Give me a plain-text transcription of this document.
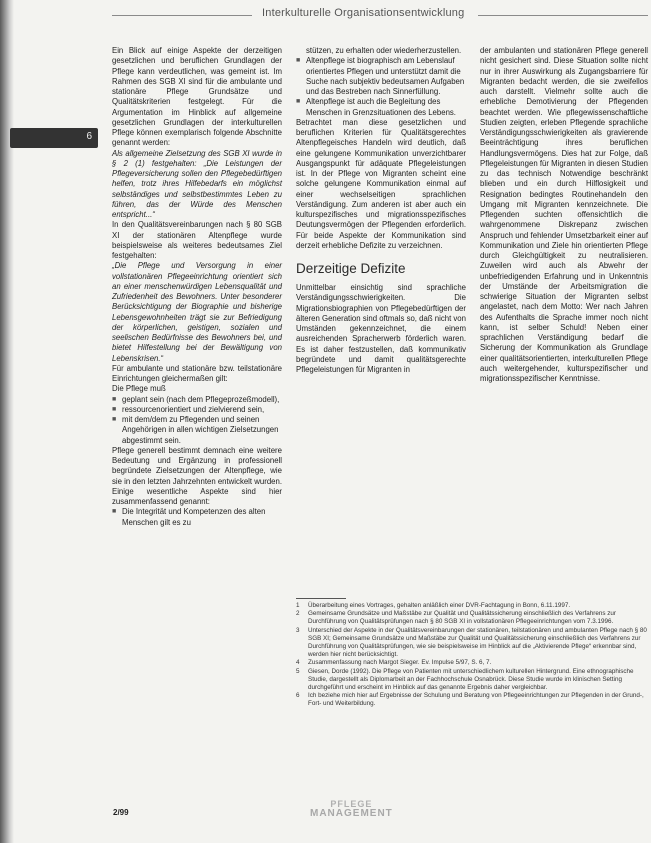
Interkulturelle Organisationsentwicklung
6

Ein Blick auf einige Aspekte der derzeitigen gesetzlichen und beruflichen Grundlagen der Pflege kann verdeutlichen, was gemeint ist. Im Rahmen des SGB XI sind für die ambulante und stationäre Pflege Grundsätze und Qualitätskriterien festgelegt. Für die Argumentation im Hinblick auf allgemeine gesetzlichen Grundlagen der interkulturellen Pflege können exemplarisch folgende Abschnitte genannt werden:

Als allgemeine Zielsetzung des SGB XI wurde in § 2 (1) festgehalten: „Die Leistungen der Pflegeversicherung sollen den Pflegebedürftigen helfen, trotz ihres Hilfebedarfs ein möglichst selbständiges und selbstbestimmtes Leben zu führen, das der Würde des Menschen entspricht...“

In den Qualitätsvereinbarungen nach § 80 SGB XI der stationären Altenpflege wurde beispielsweise als weiteres bedeutsames Ziel festgehalten:

„Die Pflege und Versorgung in einer vollstationären Pflegeeinrichtung orientiert sich an einer menschenwürdigen Lebensqualität und Zufriedenheit des Bewohners. Unter besonderer Berücksichtigung der Biographie und bisherige Lebensgewohnheiten trägt sie zur Befriedigung der körperlichen, geistigen, sozialen und seelischen Bedürfnisse des Bewohners bei, und bietet Hilfestellung bei der Bewältigung von Lebenskrisen.“

Für ambulante und stationäre bzw. teilstationäre Einrichtungen gleichermaßen gilt:

Die Pflege muß

■ geplant sein (nach dem Pflegeprozeßmodell),
■ ressourcenorientiert und zielvierend sein,
■ mit dem/dem zu Pflegenden und seinen Angehörigen in allen wichtigen Zielsetzungen abgestimmt sein.

Pflege generell bestimmt demnach eine weitere Bedeutung und Ergänzung in professionell begründete Zielsetzungen der Altenpflege, wie sie in den letzten Jahrzehnten entwickelt wurden. Einige wesentliche Aspekte sind hier zusammenfassend genannt:

■ Die Integrität und Kompetenzen des alten Menschen gilt es zu

stützen, zu erhalten oder wiederherzustellen.

■ Altenpflege ist biographisch am Lebenslauf orientiertes Pflegen und unterstützt damit die Suche nach subjektiv bedeutsamen Aufgaben und das Bestreben nach Sinnerfüllung.
■ Altenpflege ist auch die Begleitung des Menschen in Grenzsituationen des Lebens.

Betrachtet man diese gesetzlichen und beruflichen Kriterien für Qualitätsgerechtes Altenpflegeisches Handeln wird deutlich, daß eine gelungene Kommunikation unverzichtbarer Ausgangspunkt für adäquate Pflegeleistungen ist. In der Pflege von Migranten scheint eine solche gelungene Kommunikation einmal auf einer wechselseitigen sprachlichen Verständigung. Zum anderen ist aber auch ein kulturspezifisches und migrationsspezifisches Deutungsvermögen der Pflegenden erforderlich. Für beide Aspekte der Kommunikation sind derzeit erhebliche Defizite zu verzeichnen.

Derzeitige Defizite

Unmittelbar einsichtig sind sprachliche Verständigungsschwierigkeiten. Die Migrationsbiographien von Pflegebedürftigen der älteren Generation sind oftmals so, daß nicht von Umständen gekennzeichnet, die einem ausreichenden Spracherwerb förderlich waren. Es ist daher festzustellen, daß kommunikativ begründete und damit qualitätsgerechte Pflegeleistungen für Migranten in

der ambulanten und stationären Pflege generell nicht gesichert sind. Diese Situation sollte nicht nur in ihrer Auswirkung als Zugangsbarriere für Migranten bedacht werden, die sie zweifellos auch darstellt. Vielmehr sollte auch die erhebliche Demotivierung der Pflegenden beachtet werden. Wie pflegewissenschaftliche Studien zeigten, erleben Pflegende sprachliche Verständigungsschwierigkeiten als gravierende Beeinträchtigung ihres beruflichen Handlungsvermögens. Dies hat zur Folge, daß Pflegeleistungen für Migranten in diesen Studien zu das technisch Notwendige beschränkt blieben und ein durch Hilflosigkeit und Resignation bedingtes Routinehandeln den Umgang mit Migranten kennzeichnete. Die Pflegenden suchten offensichtlich die wahrgenommene Diskrepanz zwischen Anspruch und fehlender Umsetzbarkeit einer auf Kommunikation und Ziele hin orientierten Pflege durch Gleichgültigkeit zu neutralisieren. Zuweilen wird auch als Abwehr der unbefriedigenden Erfahrung und in Unkenntnis der Umstände der Arbeitsmigration die schwierige Situation der Migranten selbst angelastet, nach dem Motto: Wer nach Jahren des Aufenthalts die Sprache immer noch nicht kann, ist selber Schuld! Neben einer sprachlichen Verständigung bedarf die Sicherung der Kommunikation als Grundlage einer qualitätsorientierten, interkulturellen Pflege auch weitergehender, kulturspezifischer und migrationsspezifischer Kenntnisse.

1 Überarbeitung eines Vortrages, gehalten anläßlich einer DVR-Fachtagung in Bonn, 6.11.1997.
2 Gemeinsame Grundsätze und Maßstäbe zur Qualität und Qualitätssicherung einschließlich des Verfahrens zur Durchführung von Qualitätsprüfungen nach § 80 SGB XI in vollstationären Pflegeeinrichtungen vom 7.3.1996.
3 Unterschied der Aspekte in der Qualitätsvereinbarungen der stationären, teilstationären und ambulanten Pflege nach § 80 SGB XI; Gemeinsame Grundsätze und Maßstäbe zur Qualität und Qualitätssicherung einschließlich des Verfahrens zur Durchführung von Qualitätsprüfungen, wie sie beispielsweise im Hinblick auf die „Aktivierende Pflege“ erkennbar sind, werden hier nicht berücksichtigt.
4 Zusammenfassung nach Margot Sieger. Ev. Impulse 5/97, S. 6, 7.
5 Giesen, Dorde (1992). Die Pflege von Patienten mit unterschiedlichem kulturellen Hintergrund. Eine ethnographische Studie, dargestellt als Diplomarbeit an der Fachhochschule Osnabrück. Diese Studie wurde im klinischen Setting durchgeführt und erscheint im Hinblick auf das genannte Ergebnis daher vergleichbar.
6 Ich beziehe mich hier auf Ergebnisse der Schulung und Beratung von Pflegeeinrichtungen zur Pflegenden in der Grund-, Fort- und Weiterbildung.
2/99
PFLEGE
MANAGEMENT
